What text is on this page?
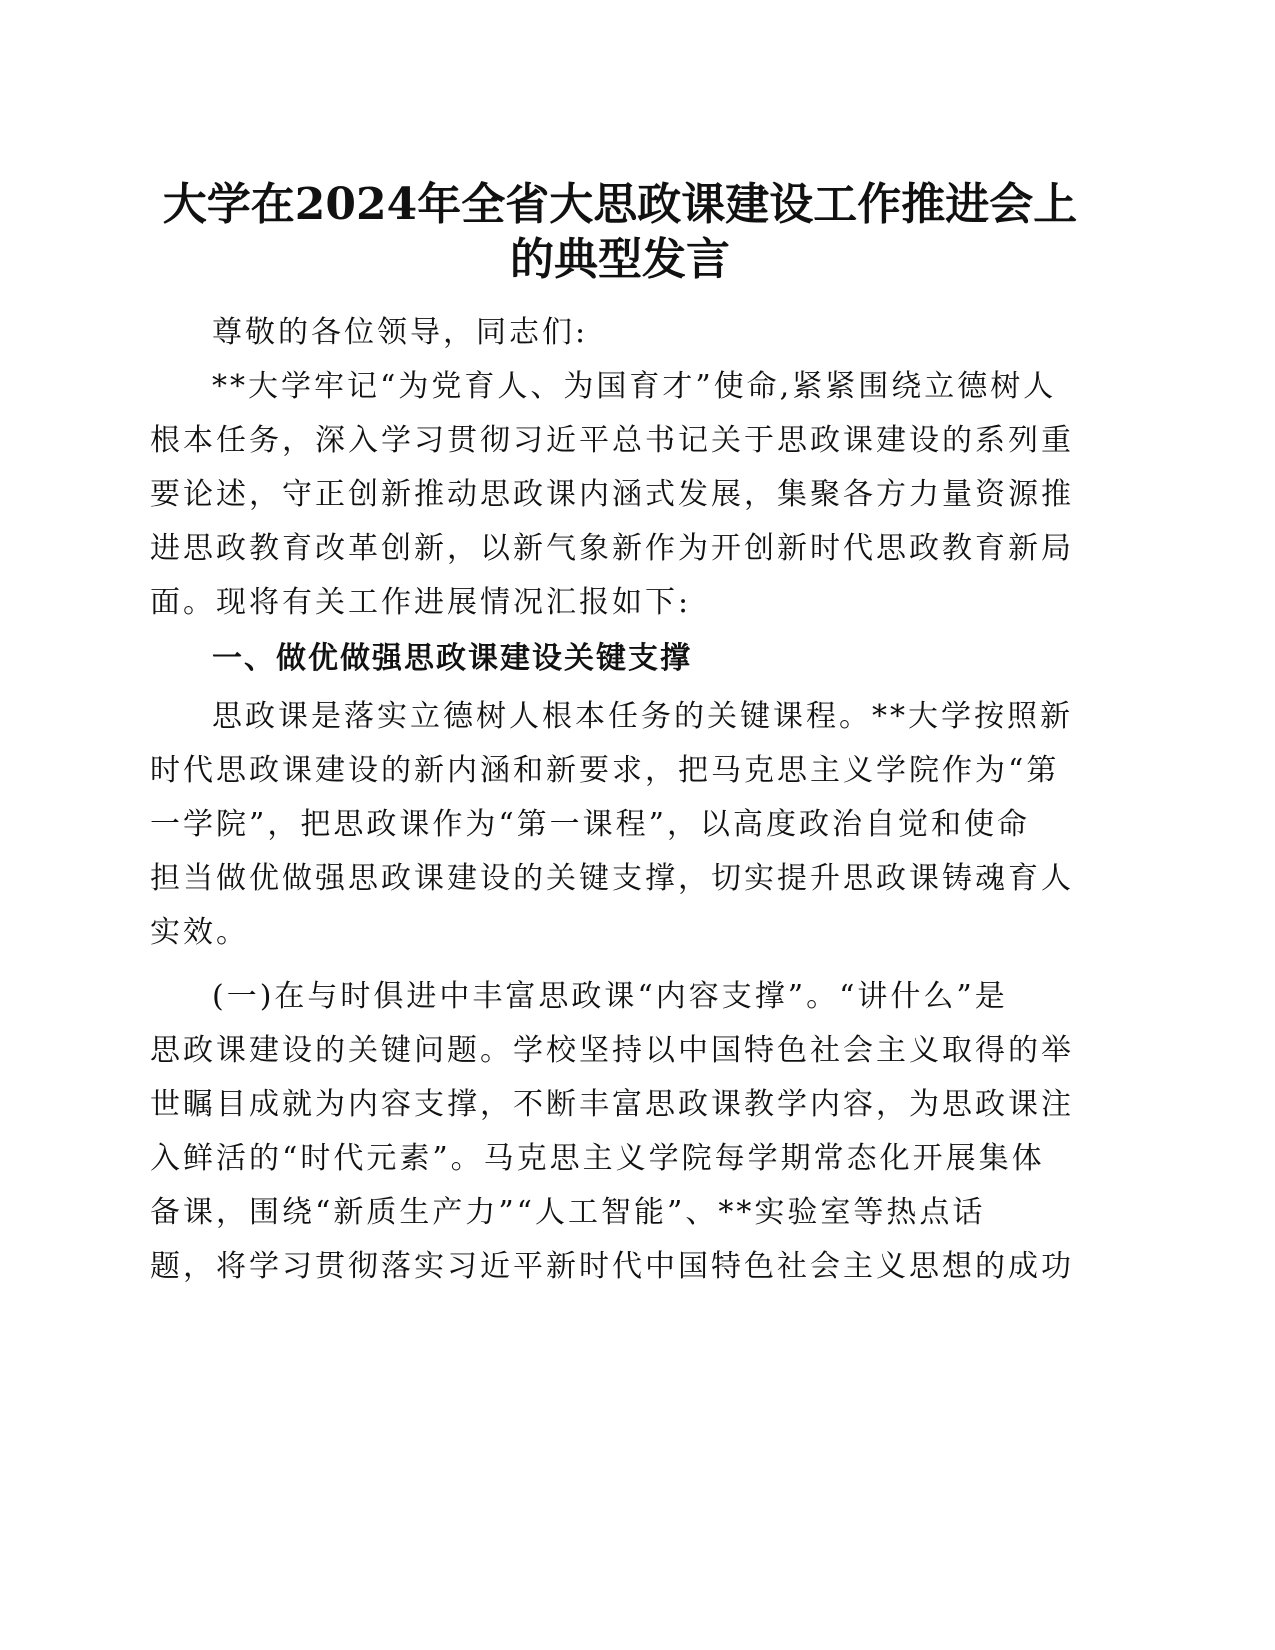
大学在2024年全省大思政课建设工作推进会上
的典型发言

尊敬的各位领导，同志们:

**大学牢记“为党育人、为国育才”使命,紧紧围绕立德树人

根本任务，深入学习贯彻习近平总书记关于思政课建设的系列重

要论述，守正创新推动思政课内涵式发展，集聚各方力量资源推

进思政教育改革创新，以新气象新作为开创新时代思政教育新局

面。现将有关工作进展情况汇报如下:

一、做优做强思政课建设关键支撑

思政课是落实立德树人根本任务的关键课程。**大学按照新

时代思政课建设的新内涵和新要求，把马克思主义学院作为“第

一学院”，把思政课作为“第一课程”，以高度政治自觉和使命

担当做优做强思政课建设的关键支撑，切实提升思政课铸魂育人

实效。

(一)在与时俱进中丰富思政课“内容支撑”。“讲什么”是

思政课建设的关键问题。学校坚持以中国特色社会主义取得的举

世瞩目成就为内容支撑，不断丰富思政课教学内容，为思政课注

入鲜活的“时代元素”。马克思主义学院每学期常态化开展集体

备课，围绕“新质生产力”“人工智能”、**实验室等热点话

题，将学习贯彻落实习近平新时代中国特色社会主义思想的成功
